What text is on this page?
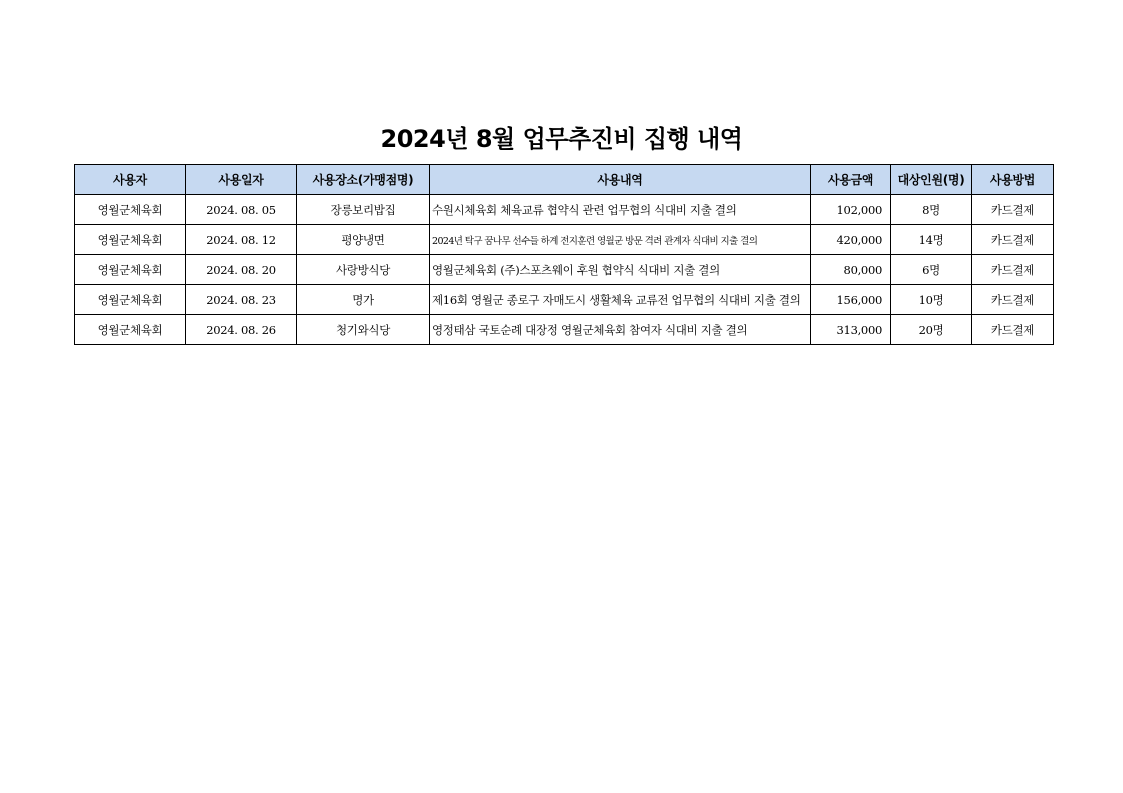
2024년 8월 업무추진비 집행 내역
사용자	사용일자	사용장소(가맹점명)	사용내역	사용금액	대상인원(명)	사용방법
영월군체육회	2024. 08. 05	장릉보리밥집	수원시체육회 체육교류 협약식 관련 업무협의 식대비 지출 결의	102,000	8명	카드결제
영월군체육회	2024. 08. 12	평양냉면	2024년 탁구 꿈나무 선수들 하계 전지훈련 영월군 방문 격려 관계자 식대비 지출 결의	420,000	14명	카드결제
영월군체육회	2024. 08. 20	사랑방식당	영월군체육회 (주)스포츠웨이 후원 협약식 식대비 지출 결의	80,000	6명	카드결제
영월군체육회	2024. 08. 23	명가	제16회 영월군 종로구 자매도시 생활체육 교류전 업무협의 식대비 지출 결의	156,000	10명	카드결제
영월군체육회	2024. 08. 26	청기와식당	영정태삼 국토순례 대장정 영월군체육회 참여자 식대비 지출 결의	313,000	20명	카드결제
